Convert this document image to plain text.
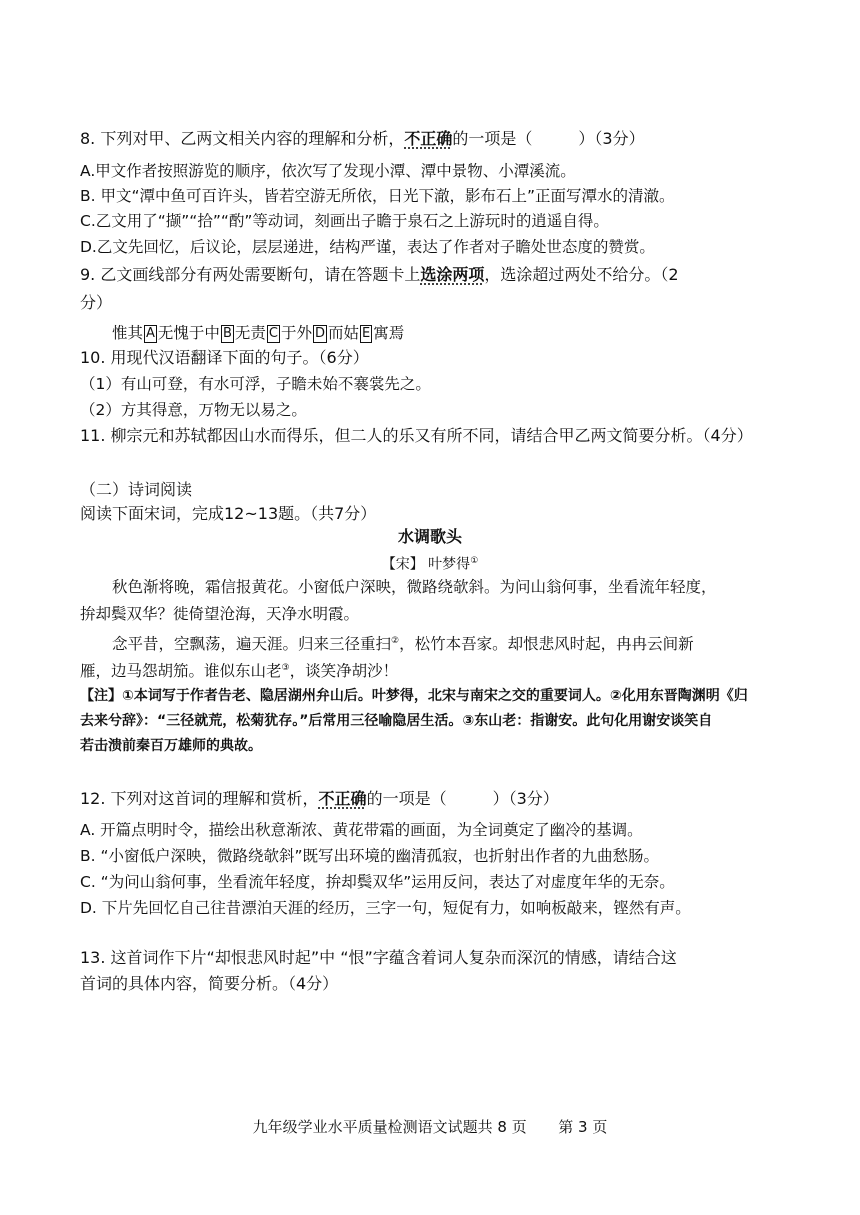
8. 下列对甲、乙两文相关内容的理解和分析，不正确的一项是（	）（3分）
A.甲文作者按照游览的顺序，依次写了发现小潭、潭中景物、小潭溪流。
B. 甲文“潭中鱼可百许头，皆若空游无所依，日光下澈，影布石上”正面写潭水的清澈。
C.乙文用了“撷”“拾”“酌”等动词，刻画出子瞻于泉石之上游玩时的逍遥自得。
D.乙文先回忆，后议论，层层递进，结构严谨，表达了作者对子瞻处世态度的赞赏。
9. 乙文画线部分有两处需要断句，请在答题卡上选涂两项，选涂超过两处不给分。（2
分）
惟其 A 无愧于中 B 无责 C 于外 D 而姑 E 寓焉
10. 用现代汉语翻译下面的句子。（6分）
（1）有山可登，有水可浮，子瞻未始不褰裳先之。
（2）方其得意，万物无以易之。
11. 柳宗元和苏轼都因山水而得乐，但二人的乐又有所不同，请结合甲乙两文简要分析。（4分）
（二）诗词阅读
阅读下面宋词，完成12~13题。（共7分）
水调歌头
【宋】 叶梦得①
秋色渐将晚，霜信报黄花。小窗低户深映，微路绕欹斜。为问山翁何事，坐看流年轻度，
拚却鬓双华？徙倚望沧海，天净水明霞。
念平昔，空飘荡，遍天涯。归来三径重扫②，松竹本吾家。却恨悲风时起，冉冉云间新
雁，边马怨胡笳。谁似东山老③，谈笑净胡沙！
【注】①本词写于作者告老、隐居湖州弁山后。叶梦得，北宋与南宋之交的重要词人。②化用东晋陶渊明《归
去来兮辞》：“三径就荒，松菊犹存。”后常用三径喻隐居生活。③东山老：指谢安。此句化用谢安谈笑自
若击溃前秦百万雄师的典故。
12. 下列对这首词的理解和赏析，不正确的一项是（	）（3分）
A. 开篇点明时令，描绘出秋意渐浓、黄花带霜的画面，为全词奠定了幽冷的基调。
B. “小窗低户深映，微路绕欹斜”既写出环境的幽清孤寂，也折射出作者的九曲愁肠。
C. “为问山翁何事，坐看流年轻度，拚却鬓双华”运用反问，表达了对虚度年华的无奈。
D. 下片先回忆自己往昔漂泊天涯的经历，三字一句，短促有力，如响板敲来，铿然有声。
13. 这首词作下片“却恨悲风时起”中 “恨”字蕴含着词人复杂而深沉的情感，请结合这
首词的具体内容，简要分析。（4分）
九年级学业水平质量检测语文试题共 8 页 第 3 页
